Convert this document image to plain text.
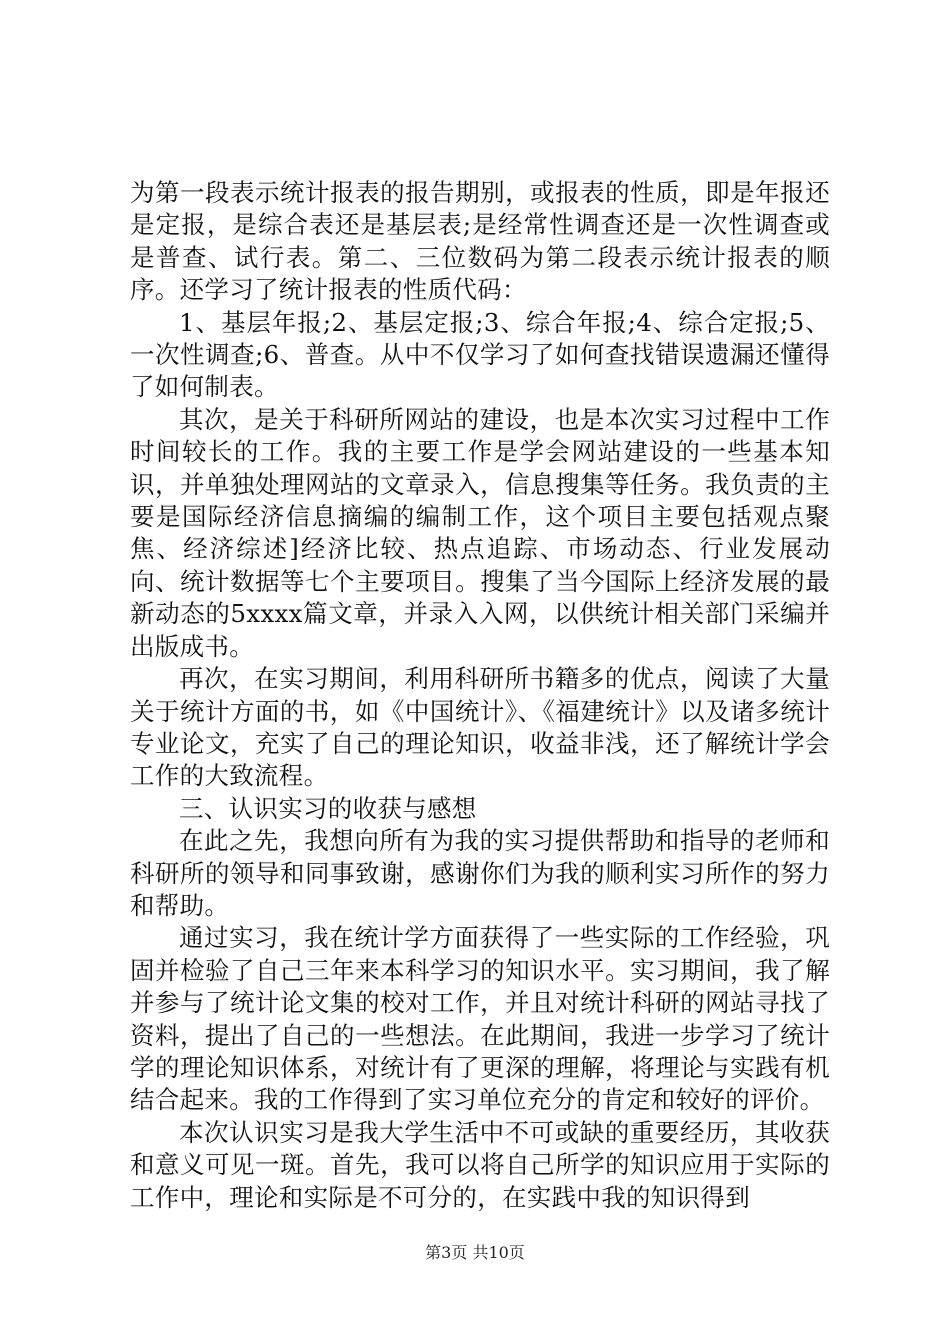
为第一段表示统计报表的报告期别，或报表的性质，即是年报还是定报，是综合表还是基层表;是经常性调查还是一次性调查或是普查、试行表。第二、三位数码为第二段表示统计报表的顺序。还学习了统计报表的性质代码：

1、基层年报;2、基层定报;3、综合年报;4、综合定报;5、一次性调查;6、普查。从中不仅学习了如何查找错误遗漏还懂得了如何制表。

其次，是关于科研所网站的建设，也是本次实习过程中工作时间较长的工作。我的主要工作是学会网站建设的一些基本知识，并单独处理网站的文章录入，信息搜集等任务。我负责的主要是国际经济信息摘编的编制工作，这个项目主要包括观点聚焦、经济综述]经济比较、热点追踪、市场动态、行业发展动向、统计数据等七个主要项目。搜集了当今国际上经济发展的最新动态的5xxxx篇文章，并录入入网，以供统计相关部门采编并出版成书。

再次，在实习期间，利用科研所书籍多的优点，阅读了大量关于统计方面的书，如《中国统计》、《福建统计》以及诸多统计专业论文，充实了自己的理论知识，收益非浅，还了解统计学会工作的大致流程。

三、认识实习的收获与感想

在此之先，我想向所有为我的实习提供帮助和指导的老师和科研所的领导和同事致谢，感谢你们为我的顺利实习所作的努力和帮助。

通过实习，我在统计学方面获得了一些实际的工作经验，巩固并检验了自己三年来本科学习的知识水平。实习期间，我了解并参与了统计论文集的校对工作，并且对统计科研的网站寻找了资料，提出了自己的一些想法。在此期间，我进一步学习了统计学的理论知识体系，对统计有了更深的理解，将理论与实践有机结合起来。我的工作得到了实习单位充分的肯定和较好的评价。

本次认识实习是我大学生活中不可或缺的重要经历，其收获和意义可见一斑。首先，我可以将自己所学的知识应用于实际的工作中，理论和实际是不可分的，在实践中我的知识得到

第3页 共10页
